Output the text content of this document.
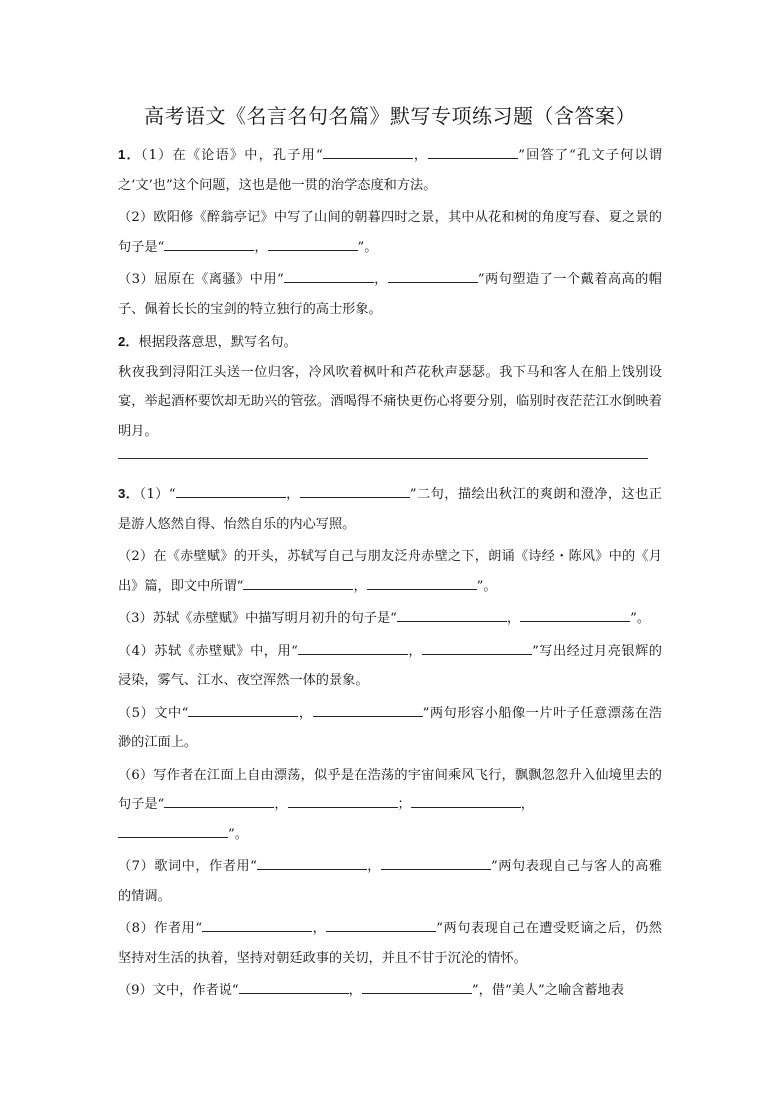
高考语文《名言名句名篇》默写专项练习题（含答案）

1．（1）在《论语》中，孔子用“	，	”回答了“孔文子何以谓之‘文’也”这个问题，这也是他一贯的治学态度和方法。

（2）欧阳修《醉翁亭记》中写了山间的朝暮四时之景，其中从花和树的角度写春、夏之景的句子是“	，	”。

（3）屈原在《离骚》中用“	，	”两句塑造了一个戴着高高的帽子、佩着长长的宝剑的特立独行的高士形象。

2．根据段落意思，默写名句。

秋夜我到浔阳江头送一位归客，冷风吹着枫叶和芦花秋声瑟瑟。我下马和客人在船上饯别设宴，举起酒杯要饮却无助兴的管弦。酒喝得不痛快更伤心将要分别，临别时夜茫茫江水倒映着明月。

3．（1）“	，	”二句，描绘出秋江的爽朗和澄净，这也正是游人悠然自得、怡然自乐的内心写照。

（2）在《赤壁赋》的开头，苏轼写自己与朋友泛舟赤壁之下，朗诵《诗经・陈风》中的《月出》篇，即文中所谓“	，	”。

（3）苏轼《赤壁赋》中描写明月初升的句子是“	，	”。

（4）苏轼《赤壁赋》中，用“	，	”写出经过月亮银辉的浸染，雾气、江水、夜空浑然一体的景象。

（5）文中“	，	”两句形容小船像一片叶子任意漂荡在浩渺的江面上。

（6）写作者在江面上自由漂荡，似乎是在浩荡的宇宙间乘风飞行，飘飘忽忽升入仙境里去的句子是“	，	；	，
”。

（7）歌词中，作者用“	，	”两句表现自己与客人的高雅的情调。

（8）作者用“	，	”两句表现自己在遭受贬谪之后，仍然坚持对生活的执着，坚持对朝廷政事的关切，并且不甘于沉沦的情怀。

（9）文中，作者说“	，	”，借“美人”之喻含蓄地表
